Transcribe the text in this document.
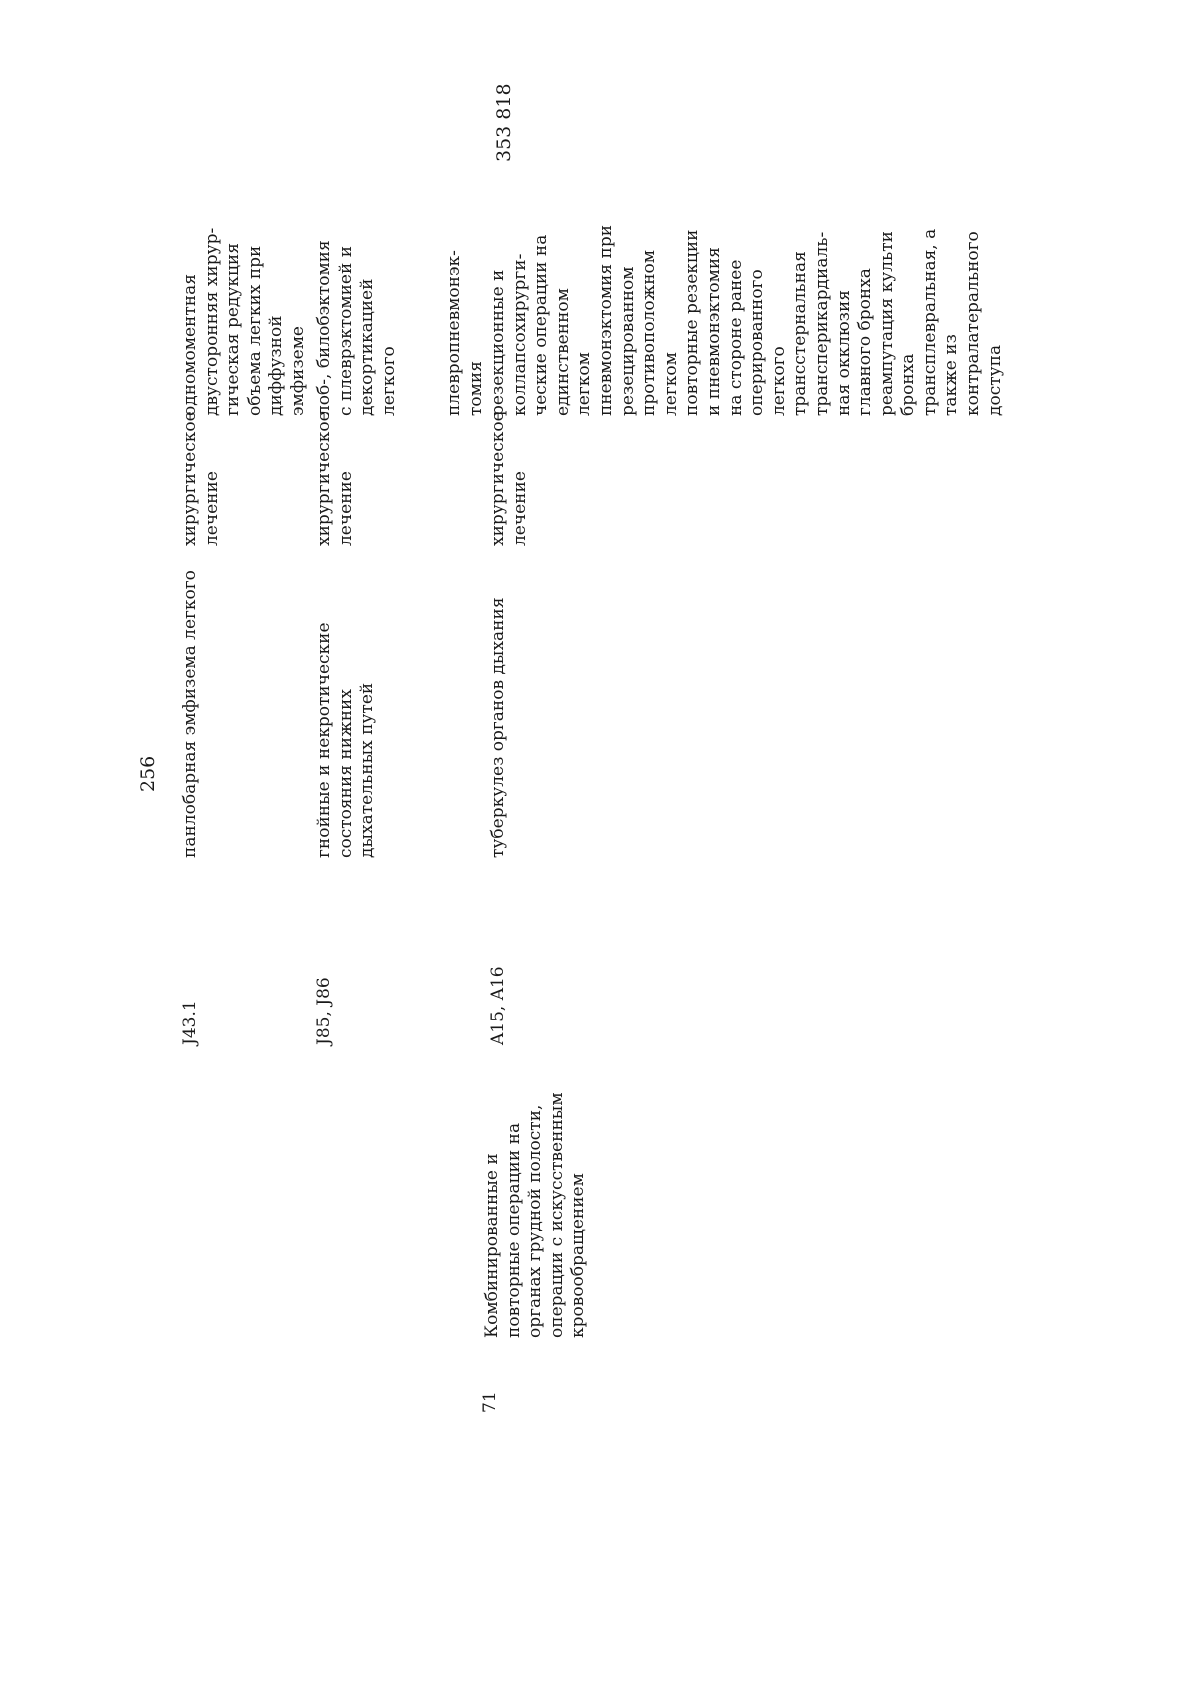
256
353 818
71
Комбинированные и повторные операции на органах грудной полости, операции с искусственным кровообращением
J43.1
панлобарная эмфизема легкого
хирургическое лечение
одномоментная двусторонняя хирур- гическая редукция объема легких при диффузной эмфиземе
J85, J86
гнойные и некротические состояния нижних дыхательных путей
хирургическое лечение
лоб-, билобэктомия с плеврэктомией и декортикацией легкого	плевропневмонэк- томия
A15, A16
туберкулез органов дыхания
хирургическое лечение
резекционные и коллапсохирурги- ческие операции на единственном легком пневмонэктомия при резецированном противоположном легком повторные резекции и пневмонэктомия на стороне ранее оперированного легкого трансстернальная трансперикардиаль- ная окклюзия главного бронха реампутация культи бронха трансплевральная, а также из контралатерального доступа
